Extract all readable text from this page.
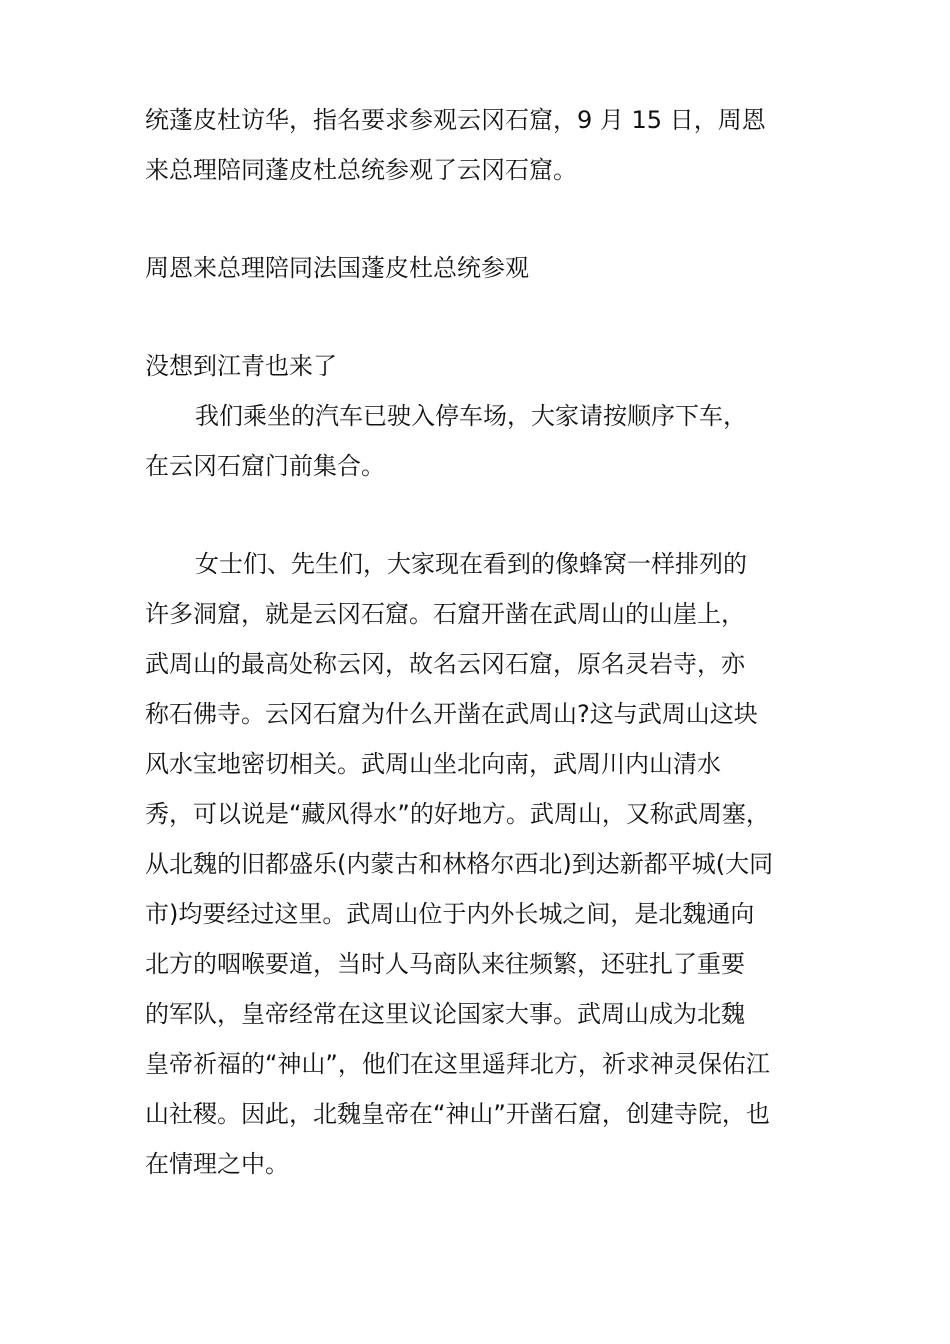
统蓬皮杜访华，指名要求参观云冈石窟，9 月 15 日，周恩
来总理陪同蓬皮杜总统参观了云冈石窟。
周恩来总理陪同法国蓬皮杜总统参观
没想到江青也来了
我们乘坐的汽车已驶入停车场，大家请按顺序下车，
在云冈石窟门前集合。
女士们、先生们，大家现在看到的像蜂窝一样排列的
许多洞窟，就是云冈石窟。石窟开凿在武周山的山崖上，
武周山的最高处称云冈，故名云冈石窟，原名灵岩寺，亦
称石佛寺。云冈石窟为什么开凿在武周山?这与武周山这块
风水宝地密切相关。武周山坐北向南，武周川内山清水
秀，可以说是“藏风得水”的好地方。武周山，又称武周塞，
从北魏的旧都盛乐(内蒙古和林格尔西北)到达新都平城(大同
市)均要经过这里。武周山位于内外长城之间，是北魏通向
北方的咽喉要道，当时人马商队来往频繁，还驻扎了重要
的军队，皇帝经常在这里议论国家大事。武周山成为北魏
皇帝祈福的“神山”，他们在这里遥拜北方，祈求神灵保佑江
山社稷。因此，北魏皇帝在“神山”开凿石窟，创建寺院，也
在情理之中。
